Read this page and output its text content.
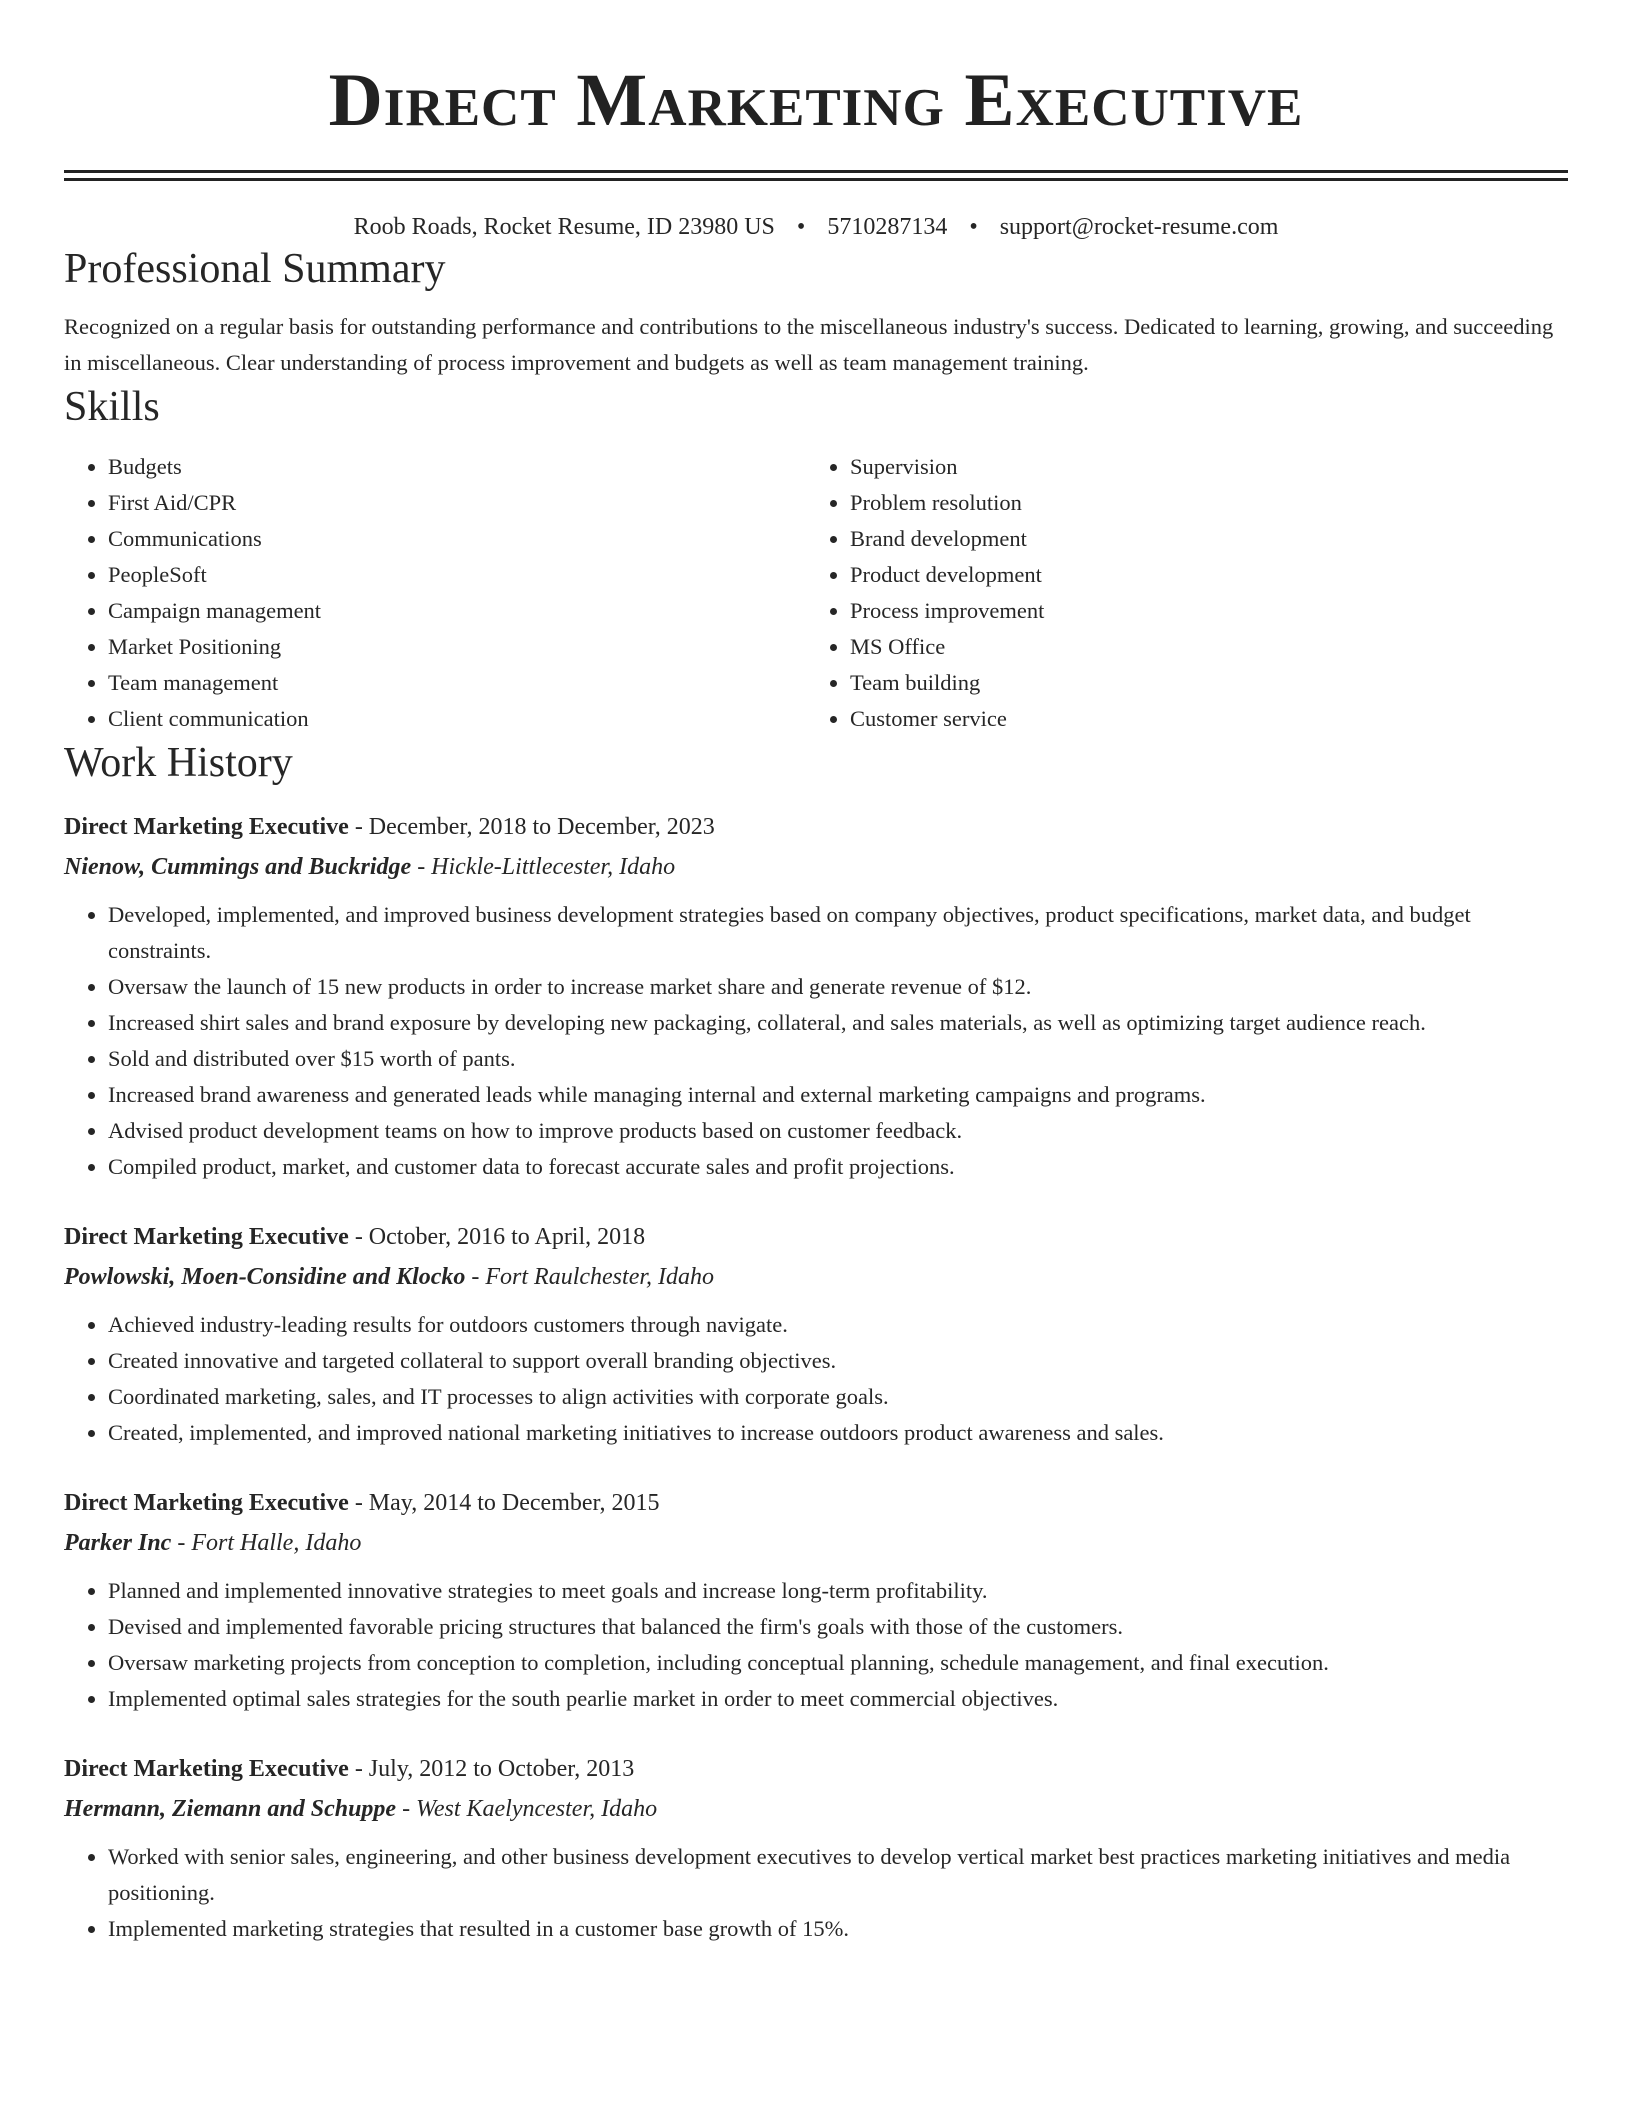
Direct Marketing Executive
Roob Roads, Rocket Resume, ID 23980 US • 5710287134 • support@rocket-resume.com
Professional Summary

Recognized on a regular basis for outstanding performance and contributions to the miscellaneous industry's success. Dedicated to learning, growing, and succeeding in miscellaneous. Clear understanding of process improvement and budgets as well as team management training.

Skills
• Budgets
• First Aid/CPR
• Communications
• PeopleSoft
• Campaign management
• Market Positioning
• Team management
• Client communication
• Supervision
• Problem resolution
• Brand development
• Product development
• Process improvement
• MS Office
• Team building
• Customer service
Work History

Direct Marketing Executive - December, 2018 to December, 2023

Nienow, Cummings and Buckridge - Hickle-Littlecester, Idaho

• Developed, implemented, and improved business development strategies based on company objectives, product specifications, market data, and budget constraints.
• Oversaw the launch of 15 new products in order to increase market share and generate revenue of $12.
• Increased shirt sales and brand exposure by developing new packaging, collateral, and sales materials, as well as optimizing target audience reach.
• Sold and distributed over $15 worth of pants.
• Increased brand awareness and generated leads while managing internal and external marketing campaigns and programs.
• Advised product development teams on how to improve products based on customer feedback.
• Compiled product, market, and customer data to forecast accurate sales and profit projections.

Direct Marketing Executive - October, 2016 to April, 2018

Powlowski, Moen-Considine and Klocko - Fort Raulchester, Idaho

• Achieved industry-leading results for outdoors customers through navigate.
• Created innovative and targeted collateral to support overall branding objectives.
• Coordinated marketing, sales, and IT processes to align activities with corporate goals.
• Created, implemented, and improved national marketing initiatives to increase outdoors product awareness and sales.

Direct Marketing Executive - May, 2014 to December, 2015

Parker Inc - Fort Halle, Idaho

• Planned and implemented innovative strategies to meet goals and increase long-term profitability.
• Devised and implemented favorable pricing structures that balanced the firm's goals with those of the customers.
• Oversaw marketing projects from conception to completion, including conceptual planning, schedule management, and final execution.
• Implemented optimal sales strategies for the south pearlie market in order to meet commercial objectives.

Direct Marketing Executive - July, 2012 to October, 2013

Hermann, Ziemann and Schuppe - West Kaelyncester, Idaho

• Worked with senior sales, engineering, and other business development executives to develop vertical market best practices marketing initiatives and media positioning.
• Implemented marketing strategies that resulted in a customer base growth of 15%.
